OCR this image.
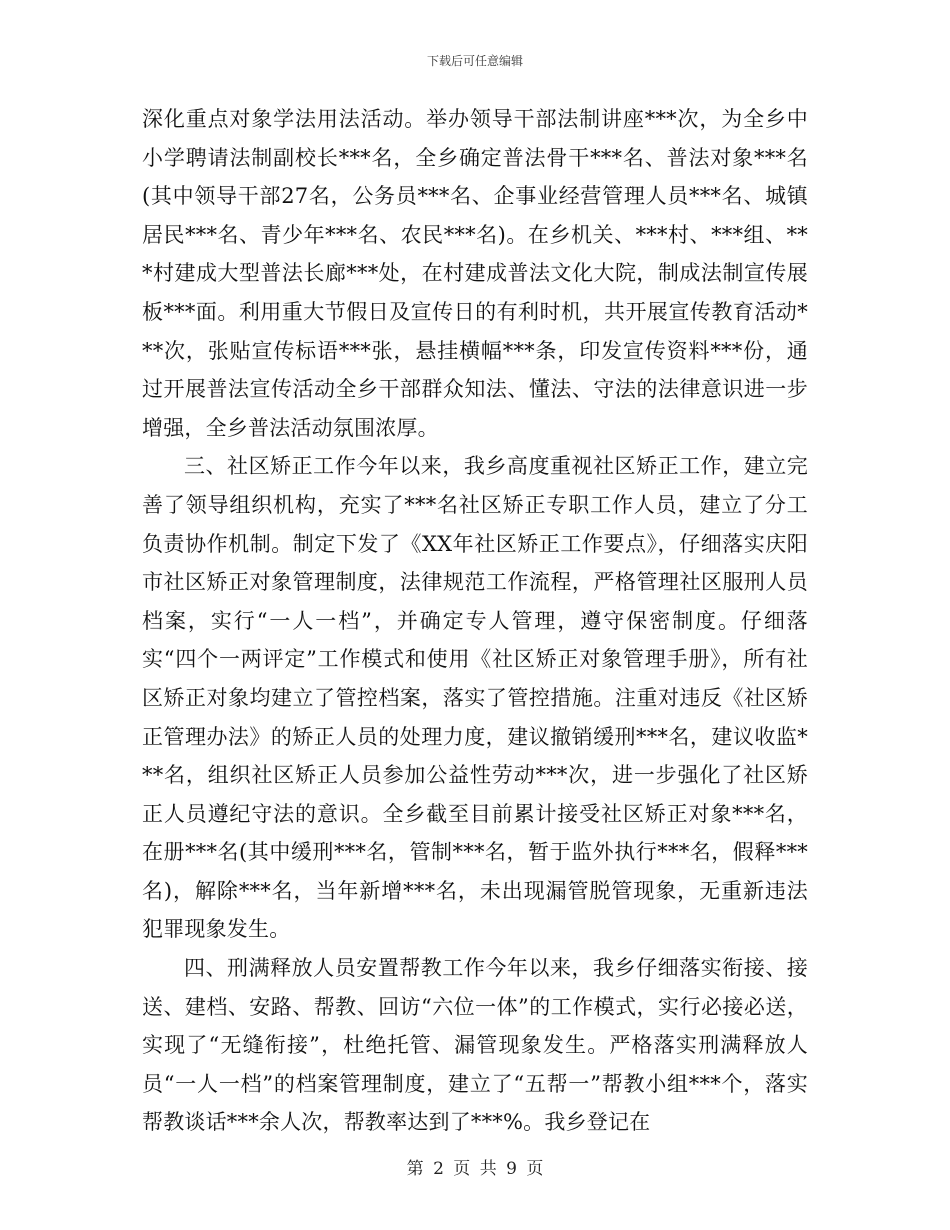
下载后可任意编辑

深化重点对象学法用法活动。举办领导干部法制讲座***次，为全乡中小学聘请法制副校长***名，全乡确定普法骨干***名、普法对象***名(其中领导干部27名，公务员***名、企事业经营管理人员***名、城镇居民***名、青少年***名、农民***名)。在乡机关、***村、***组、***村建成大型普法长廊***处，在村建成普法文化大院，制成法制宣传展板***面。利用重大节假日及宣传日的有利时机，共开展宣传教育活动***次，张贴宣传标语***张，悬挂横幅***条，印发宣传资料***份，通过开展普法宣传活动全乡干部群众知法、懂法、守法的法律意识进一步增强，全乡普法活动氛围浓厚。

三、社区矫正工作今年以来，我乡高度重视社区矫正工作，建立完善了领导组织机构，充实了***名社区矫正专职工作人员，建立了分工负责协作机制。制定下发了《XX年社区矫正工作要点》，仔细落实庆阳市社区矫正对象管理制度，法律规范工作流程，严格管理社区服刑人员档案，实行“一人一档”，并确定专人管理，遵守保密制度。仔细落实“四个一两评定”工作模式和使用《社区矫正对象管理手册》，所有社区矫正对象均建立了管控档案，落实了管控措施。注重对违反《社区矫正管理办法》的矫正人员的处理力度，建议撤销缓刑***名，建议收监***名，组织社区矫正人员参加公益性劳动***次，进一步强化了社区矫正人员遵纪守法的意识。全乡截至目前累计接受社区矫正对象***名，在册***名(其中缓刑***名，管制***名，暂于监外执行***名，假释***名)，解除***名，当年新增***名，未出现漏管脱管现象，无重新违法犯罪现象发生。

四、刑满释放人员安置帮教工作今年以来，我乡仔细落实衔接、接送、建档、安路、帮教、回访“六位一体”的工作模式，实行必接必送，实现了“无缝衔接”，杜绝托管、漏管现象发生。严格落实刑满释放人员“一人一档”的档案管理制度，建立了“五帮一”帮教小组***个，落实帮教谈话***余人次，帮教率达到了***%。我乡登记在

第 2 页 共 9 页
